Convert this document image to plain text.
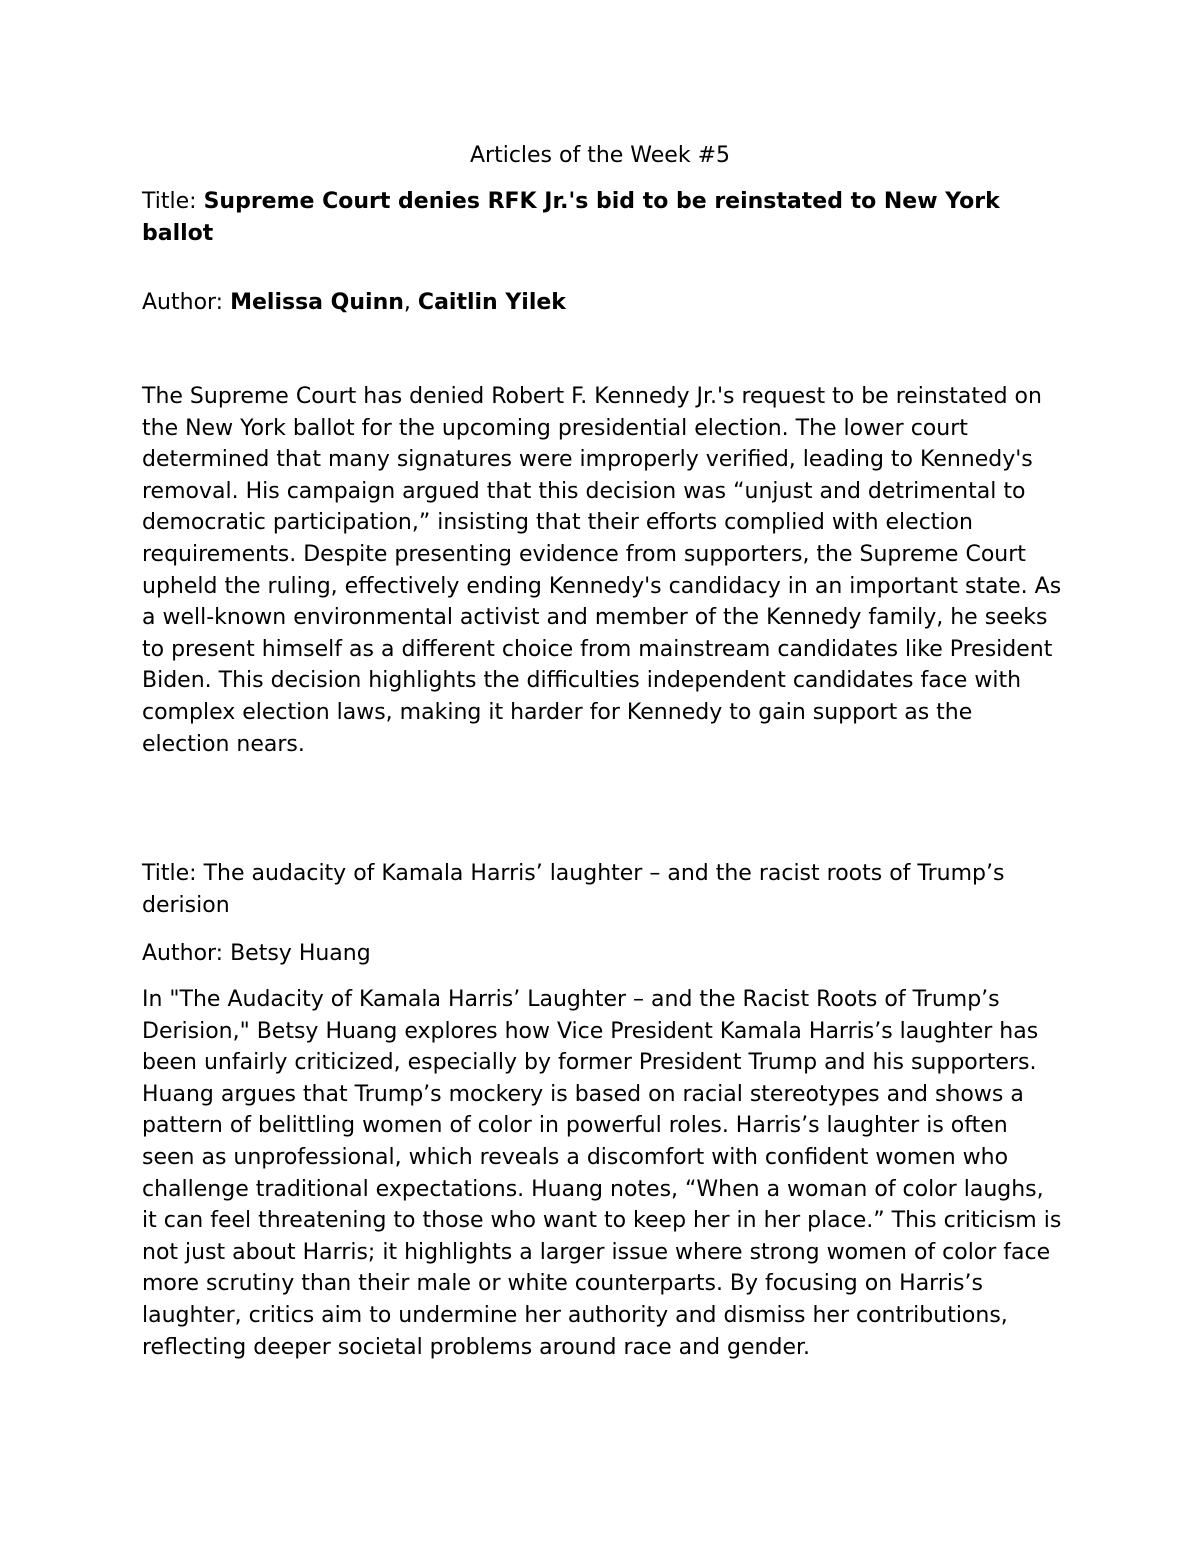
Articles of the Week #5

Title: Supreme Court denies RFK Jr.'s bid to be reinstated to New York ballot

Author: Melissa Quinn, Caitlin Yilek

The Supreme Court has denied Robert F. Kennedy Jr.'s request to be reinstated on the New York ballot for the upcoming presidential election. The lower court determined that many signatures were improperly verified, leading to Kennedy's removal. His campaign argued that this decision was “unjust and detrimental to democratic participation,” insisting that their efforts complied with election requirements. Despite presenting evidence from supporters, the Supreme Court upheld the ruling, effectively ending Kennedy's candidacy in an important state. As a well-known environmental activist and member of the Kennedy family, he seeks to present himself as a different choice from mainstream candidates like President Biden. This decision highlights the difficulties independent candidates face with complex election laws, making it harder for Kennedy to gain support as the election nears.

Title: The audacity of Kamala Harris’ laughter – and the racist roots of Trump’s derision

Author: Betsy Huang

In "The Audacity of Kamala Harris’ Laughter – and the Racist Roots of Trump’s Derision," Betsy Huang explores how Vice President Kamala Harris’s laughter has been unfairly criticized, especially by former President Trump and his supporters. Huang argues that Trump’s mockery is based on racial stereotypes and shows a pattern of belittling women of color in powerful roles. Harris’s laughter is often seen as unprofessional, which reveals a discomfort with confident women who challenge traditional expectations. Huang notes, “When a woman of color laughs, it can feel threatening to those who want to keep her in her place.” This criticism is not just about Harris; it highlights a larger issue where strong women of color face more scrutiny than their male or white counterparts. By focusing on Harris’s laughter, critics aim to undermine her authority and dismiss her contributions, reflecting deeper societal problems around race and gender.
